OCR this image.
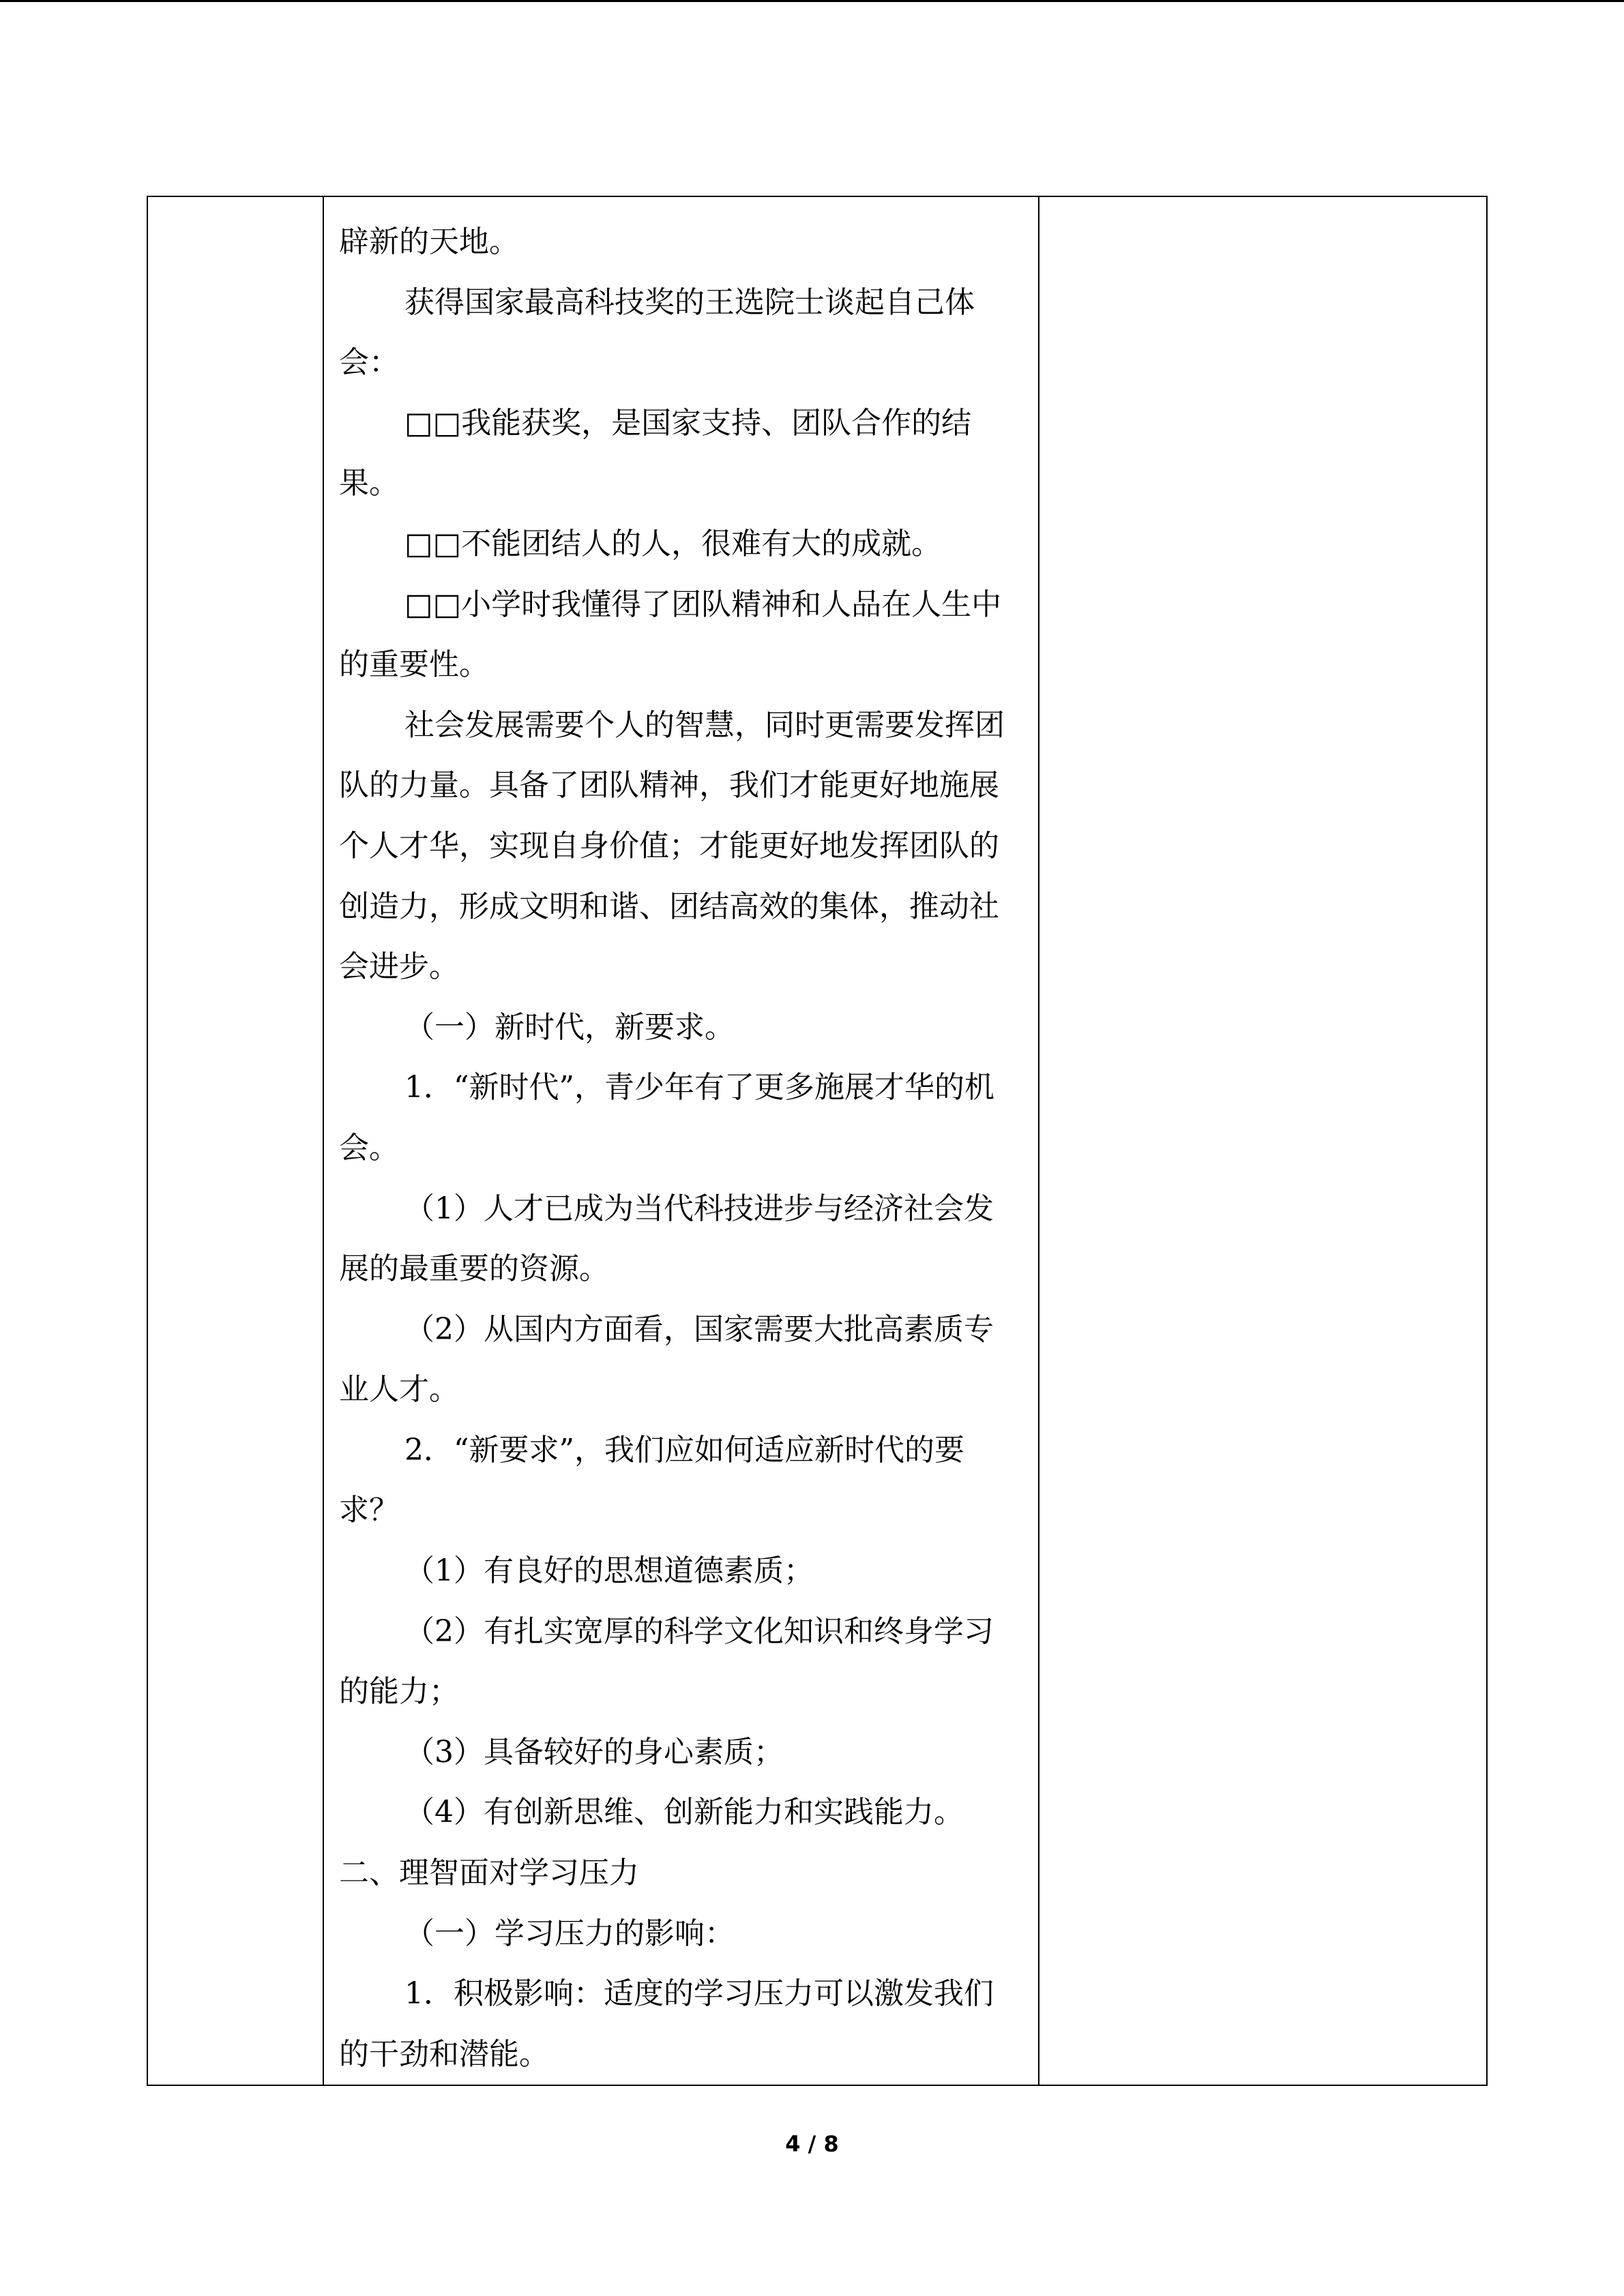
辟新的天地。

获得国家最高科技奖的王选院士谈起自己体会：

□□我能获奖，是国家支持、团队合作的结果。

□□不能团结人的人，很难有大的成就。

□□小学时我懂得了团队精神和人品在人生中的重要性。

社会发展需要个人的智慧，同时更需要发挥团队的力量。具备了团队精神，我们才能更好地施展个人才华，实现自身价值；才能更好地发挥团队的创造力，形成文明和谐、团结高效的集体，推动社会进步。

（一）新时代，新要求。

1．“新时代”，青少年有了更多施展才华的机会。

（1）人才已成为当代科技进步与经济社会发展的最重要的资源。

（2）从国内方面看，国家需要大批高素质专业人才。

2．“新要求”，我们应如何适应新时代的要求？

（1）有良好的思想道德素质；

（2）有扎实宽厚的科学文化知识和终身学习的能力；

（3）具备较好的身心素质；

（4）有创新思维、创新能力和实践能力。

二、理智面对学习压力

（一）学习压力的影响：

1．积极影响：适度的学习压力可以激发我们的干劲和潜能。

4 / 8
